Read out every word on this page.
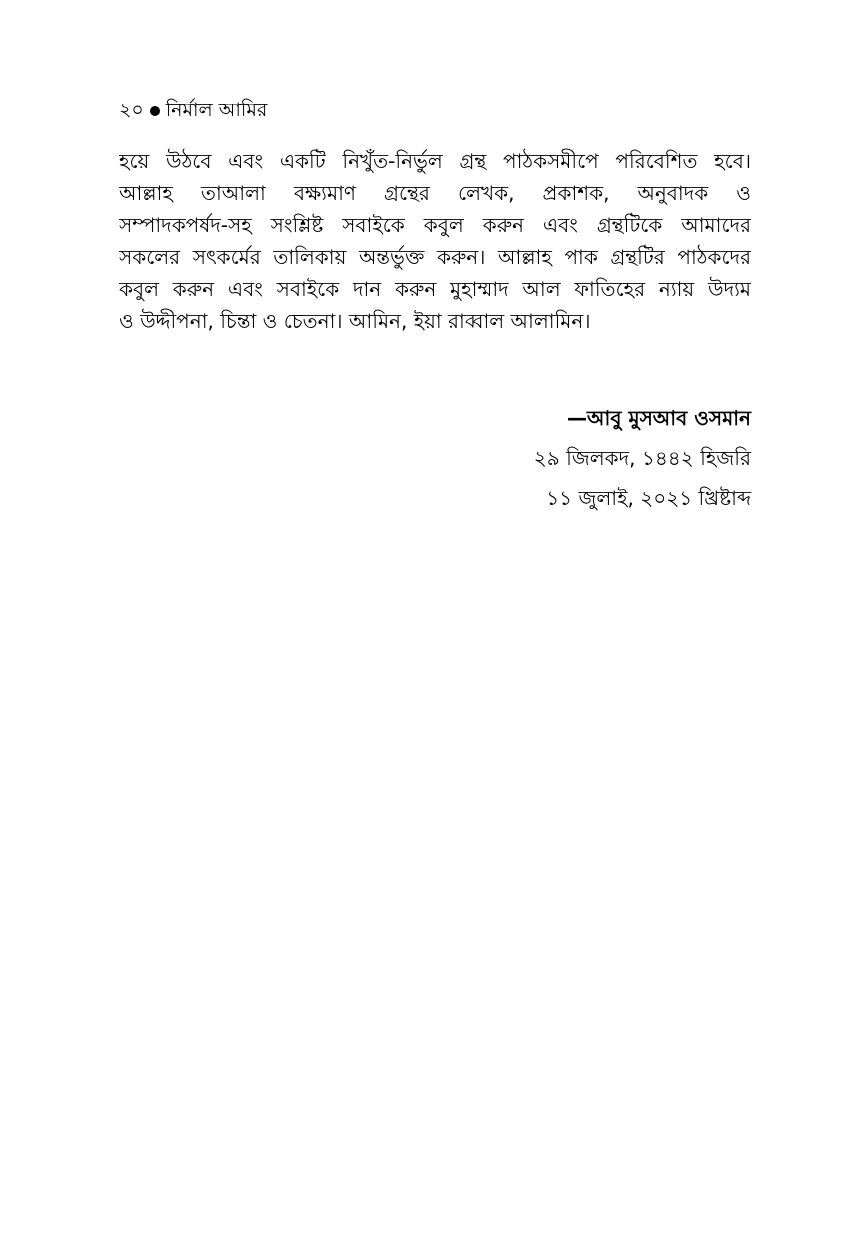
২০ নির্মাল আমির
হয়ে উঠবে এবং একটি নিখুঁত-নির্ভুল গ্রন্থ পাঠকসমীপে পরিবেশিত হবে।
আল্লাহ তাআলা বক্ষ্যমাণ গ্রন্থের লেখক, প্রকাশক, অনুবাদক ও
সম্পাদকপর্ষদ-সহ সংশ্লিষ্ট সবাইকে কবুল করুন এবং গ্রন্থটিকে আমাদের
সকলের সৎকর্মের তালিকায় অন্তর্ভুক্ত করুন। আল্লাহ পাক গ্রন্থটির পাঠকদের
কবুল করুন এবং সবাইকে দান করুন মুহাম্মাদ আল ফাতিহের ন্যায় উদ্যম
ও উদ্দীপনা, চিন্তা ও চেতনা। আমিন, ইয়া রাব্বাল আলামিন।
—আবু মুসআব ওসমান
২৯ জিলকদ, ১৪৪২ হিজরি
১১ জুলাই, ২০২১ খ্রিষ্টাব্দ
